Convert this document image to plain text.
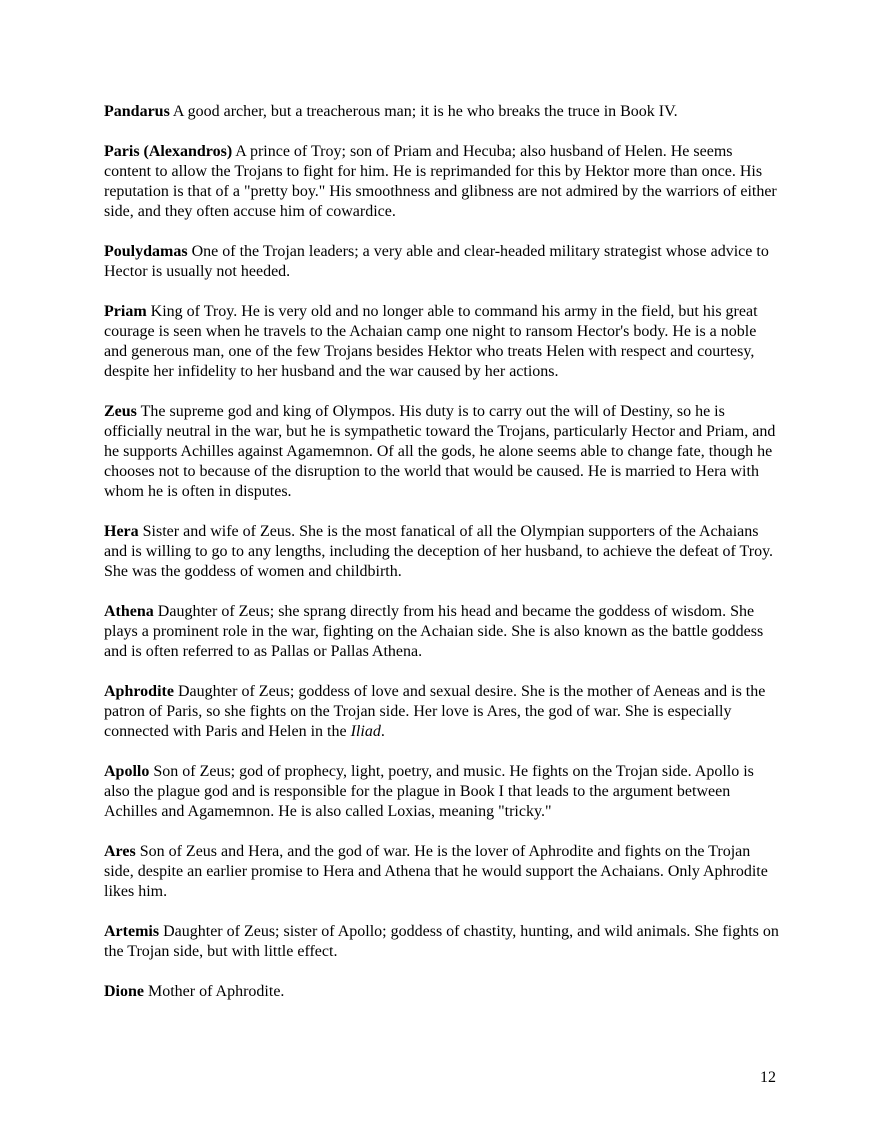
Pandarus A good archer, but a treacherous man; it is he who breaks the truce in Book IV.

Paris (Alexandros) A prince of Troy; son of Priam and Hecuba; also husband of Helen. He seems content to allow the Trojans to fight for him. He is reprimanded for this by Hektor more than once. His reputation is that of a "pretty boy." His smoothness and glibness are not admired by the warriors of either side, and they often accuse him of cowardice.

Poulydamas One of the Trojan leaders; a very able and clear-headed military strategist whose advice to Hector is usually not heeded.

Priam King of Troy. He is very old and no longer able to command his army in the field, but his great courage is seen when he travels to the Achaian camp one night to ransom Hector's body. He is a noble and generous man, one of the few Trojans besides Hektor who treats Helen with respect and courtesy, despite her infidelity to her husband and the war caused by her actions.

Zeus The supreme god and king of Olympos. His duty is to carry out the will of Destiny, so he is officially neutral in the war, but he is sympathetic toward the Trojans, particularly Hector and Priam, and he supports Achilles against Agamemnon. Of all the gods, he alone seems able to change fate, though he chooses not to because of the disruption to the world that would be caused. He is married to Hera with whom he is often in disputes.

Hera Sister and wife of Zeus. She is the most fanatical of all the Olympian supporters of the Achaians and is willing to go to any lengths, including the deception of her husband, to achieve the defeat of Troy. She was the goddess of women and childbirth.

Athena Daughter of Zeus; she sprang directly from his head and became the goddess of wisdom. She plays a prominent role in the war, fighting on the Achaian side. She is also known as the battle goddess and is often referred to as Pallas or Pallas Athena.

Aphrodite Daughter of Zeus; goddess of love and sexual desire. She is the mother of Aeneas and is the patron of Paris, so she fights on the Trojan side. Her love is Ares, the god of war. She is especially connected with Paris and Helen in the Iliad.

Apollo Son of Zeus; god of prophecy, light, poetry, and music. He fights on the Trojan side. Apollo is also the plague god and is responsible for the plague in Book I that leads to the argument between Achilles and Agamemnon. He is also called Loxias, meaning "tricky."

Ares Son of Zeus and Hera, and the god of war. He is the lover of Aphrodite and fights on the Trojan side, despite an earlier promise to Hera and Athena that he would support the Achaians. Only Aphrodite likes him.

Artemis Daughter of Zeus; sister of Apollo; goddess of chastity, hunting, and wild animals. She fights on the Trojan side, but with little effect.

Dione Mother of Aphrodite.

12
